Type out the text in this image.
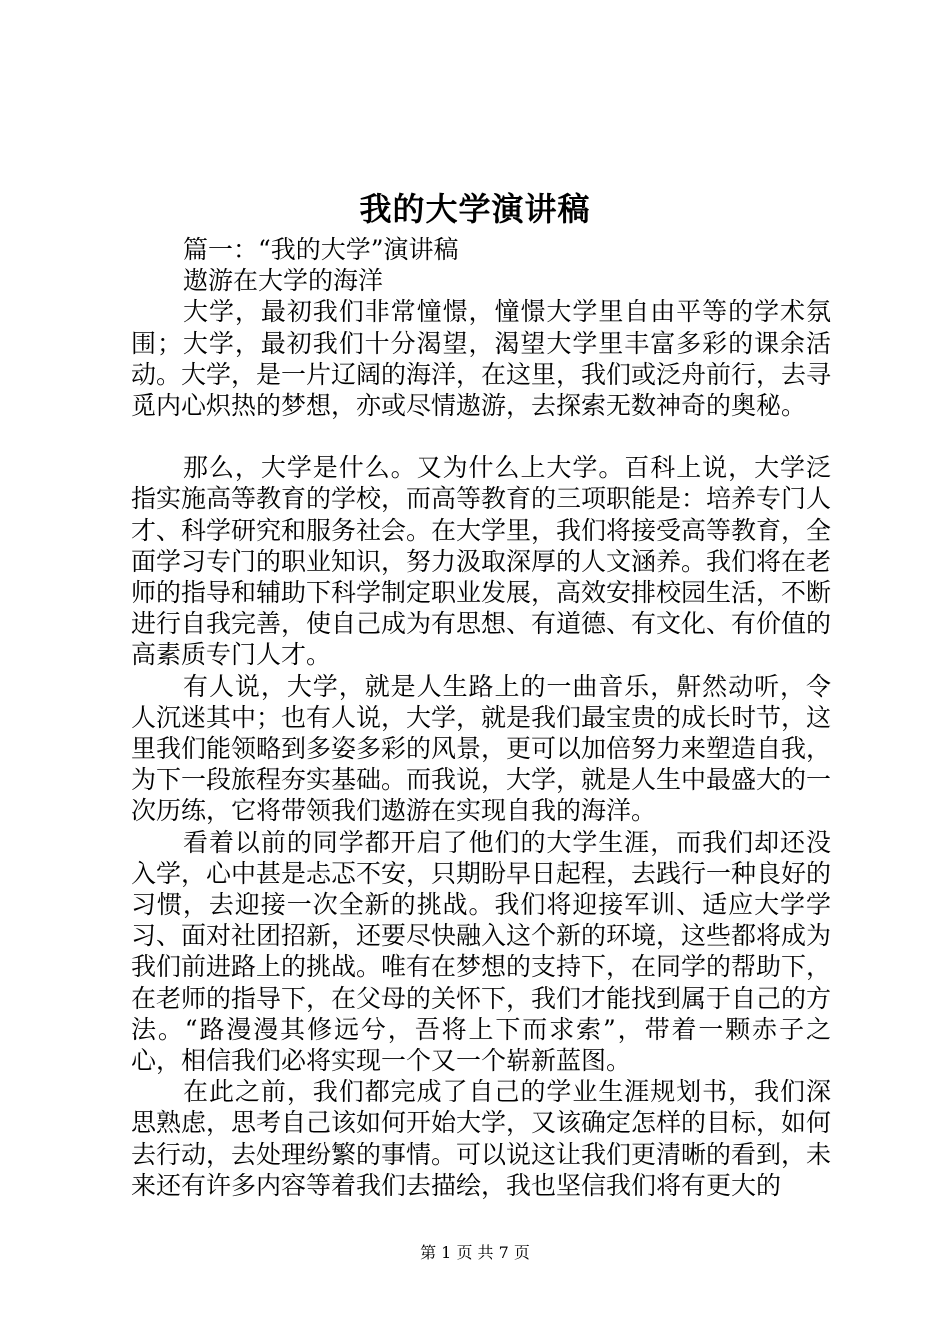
我的大学演讲稿

篇一：“我的大学”演讲稿

遨游在大学的海洋

大学，最初我们非常憧憬，憧憬大学里自由平等的学术氛围；大学，最初我们十分渴望，渴望大学里丰富多彩的课余活动。大学，是一片辽阔的海洋，在这里，我们或泛舟前行，去寻觅内心炽热的梦想，亦或尽情遨游，去探索无数神奇的奥秘。

那么，大学是什么。又为什么上大学。百科上说，大学泛指实施高等教育的学校，而高等教育的三项职能是：培养专门人才、科学研究和服务社会。在大学里，我们将接受高等教育，全面学习专门的职业知识，努力汲取深厚的人文涵养。我们将在老师的指导和辅助下科学制定职业发展，高效安排校园生活，不断进行自我完善，使自己成为有思想、有道德、有文化、有价值的高素质专门人才。

有人说，大学，就是人生路上的一曲音乐，鼾然动听，令人沉迷其中；也有人说，大学，就是我们最宝贵的成长时节，这里我们能领略到多姿多彩的风景，更可以加倍努力来塑造自我，为下一段旅程夯实基础。而我说，大学，就是人生中最盛大的一次历练，它将带领我们遨游在实现自我的海洋。

看着以前的同学都开启了他们的大学生涯，而我们却还没入学，心中甚是忐忑不安，只期盼早日起程，去践行一种良好的习惯，去迎接一次全新的挑战。我们将迎接军训、适应大学学习、面对社团招新，还要尽快融入这个新的环境，这些都将成为我们前进路上的挑战。唯有在梦想的支持下，在同学的帮助下，在老师的指导下，在父母的关怀下，我们才能找到属于自己的方法。“路漫漫其修远兮，吾将上下而求索”，带着一颗赤子之心，相信我们必将实现一个又一个崭新蓝图。

在此之前，我们都完成了自己的学业生涯规划书，我们深思熟虑，思考自己该如何开始大学，又该确定怎样的目标，如何去行动，去处理纷繁的事情。可以说这让我们更清晰的看到，未来还有许多内容等着我们去描绘，我也坚信我们将有更大的

第 1 页 共 7 页
